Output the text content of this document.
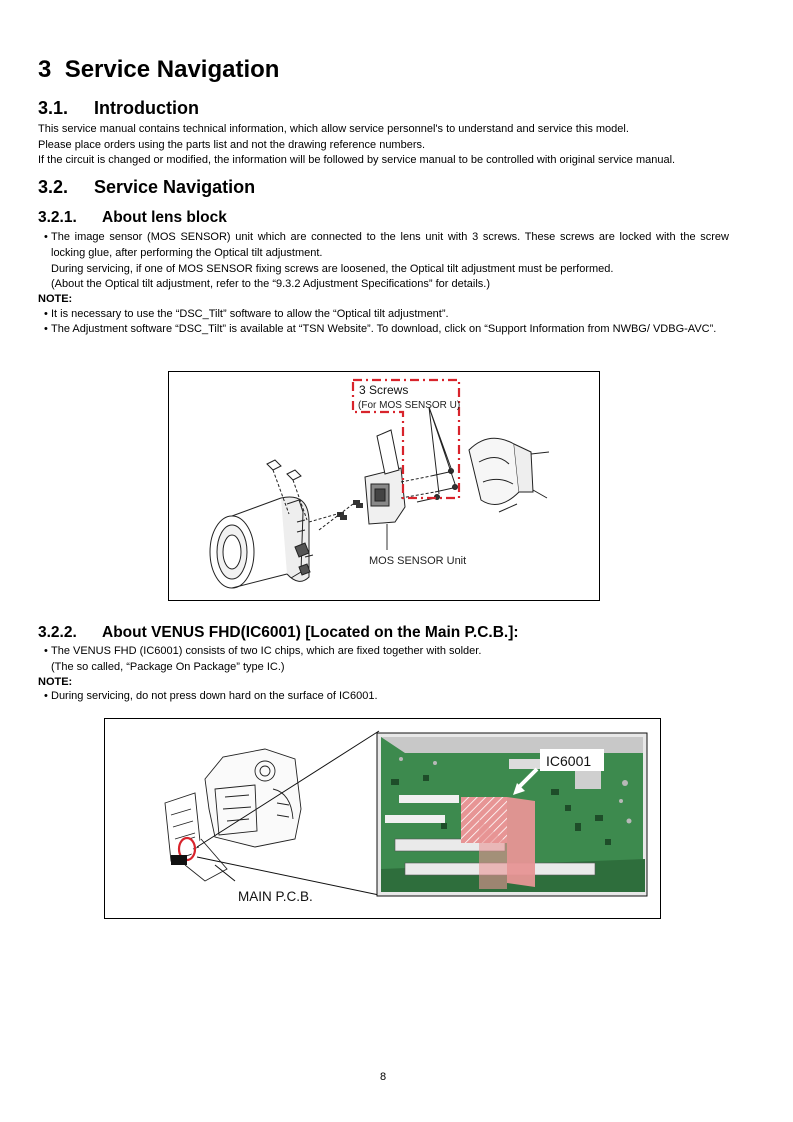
3 Service Navigation
3.1. Introduction
This service manual contains technical information, which allow service personnel's to understand and service this model.
Please place orders using the parts list and not the drawing reference numbers.
If the circuit is changed or modified, the information will be followed by service manual to be controlled with original service manual.
3.2. Service Navigation
3.2.1. About lens block
• The image sensor (MOS SENSOR) unit which are connected to the lens unit with 3 screws. These screws are locked with the screw locking glue, after performing the Optical tilt adjustment.
During servicing, if one of MOS SENSOR fixing screws are loosened, the Optical tilt adjustment must be performed.
(About the Optical tilt adjustment, refer to the “9.3.2 Adjustment Specifications” for details.)
NOTE:
• It is necessary to use the “DSC_Tilt” software to allow the “Optical tilt adjustment”.
• The Adjustment software “DSC_Tilt” is available at “TSN Website”. To download, click on “Support Information from NWBG/ VDBG-AVC”.
3 Screws
(For MOS SENSOR U)
MOS SENSOR Unit
3.2.2. About VENUS FHD(IC6001) [Located on the Main P.C.B.]:
• The VENUS FHD (IC6001) consists of two IC chips, which are fixed together with solder.
(The so called, “Package On Package” type IC.)
NOTE:
• During servicing, do not press down hard on the surface of IC6001.
MAIN P.C.B.
IC6001
8
